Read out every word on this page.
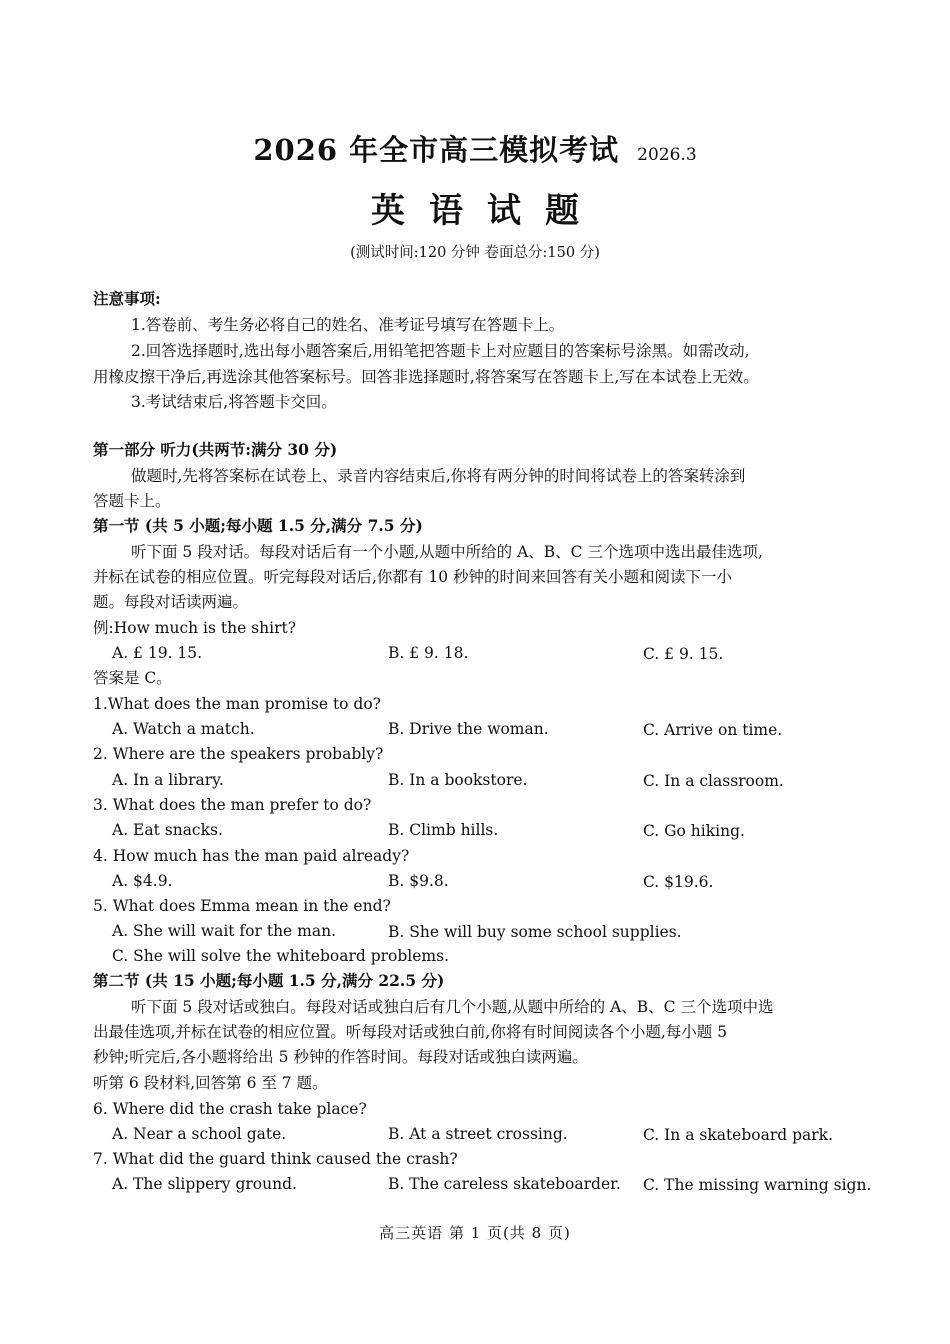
2026 年全市高三模拟考试 2026.3
英语试题
(测试时间:120 分钟 卷面总分:150 分)
注意事项:
1.答卷前、考生务必将自己的姓名、准考证号填写在答题卡上。
2.回答选择题时,选出每小题答案后,用铅笔把答题卡上对应题目的答案标号涂黑。如需改动,
用橡皮擦干净后,再选涂其他答案标号。回答非选择题时,将答案写在答题卡上,写在本试卷上无效。
3.考试结束后,将答题卡交回。
第一部分 听力(共两节:满分 30 分)
做题时,先将答案标在试卷上、录音内容结束后,你将有两分钟的时间将试卷上的答案转涂到
答题卡上。
第一节 (共 5 小题;每小题 1.5 分,满分 7.5 分)
听下面 5 段对话。每段对话后有一个小题,从题中所给的 A、B、C 三个选项中选出最佳选项,
并标在试卷的相应位置。听完每段对话后,你都有 10 秒钟的时间来回答有关小题和阅读下一小
题。每段对话读两遍。
例:How much is the shirt?
A. £ 19. 15.	B. £ 9. 18.	C. £ 9. 15.
答案是 C。
1.What does the man promise to do?
A. Watch a match.	B. Drive the woman.	C. Arrive on time.
2. Where are the speakers probably?
A. In a library.	B. In a bookstore.	C. In a classroom.
3. What does the man prefer to do?
A. Eat snacks.	B. Climb hills.	C. Go hiking.
4. How much has the man paid already?
A. $4.9.	B. $9.8.	C. $19.6.
5. What does Emma mean in the end?
A. She will wait for the man.	B. She will buy some school supplies.
C. She will solve the whiteboard problems.
第二节 (共 15 小题;每小题 1.5 分,满分 22.5 分)
听下面 5 段对话或独白。每段对话或独白后有几个小题,从题中所给的 A、B、C 三个选项中选
出最佳选项,并标在试卷的相应位置。听每段对话或独白前,你将有时间阅读各个小题,每小题 5
秒钟;听完后,各小题将给出 5 秒钟的作答时间。每段对话或独白读两遍。
听第 6 段材料,回答第 6 至 7 题。
6. Where did the crash take place?
A. Near a school gate.	B. At a street crossing.	C. In a skateboard park.
7. What did the guard think caused the crash?
A. The slippery ground.	B. The careless skateboarder. C. The missing warning sign.
高三英语 第 1 页(共 8 页)
